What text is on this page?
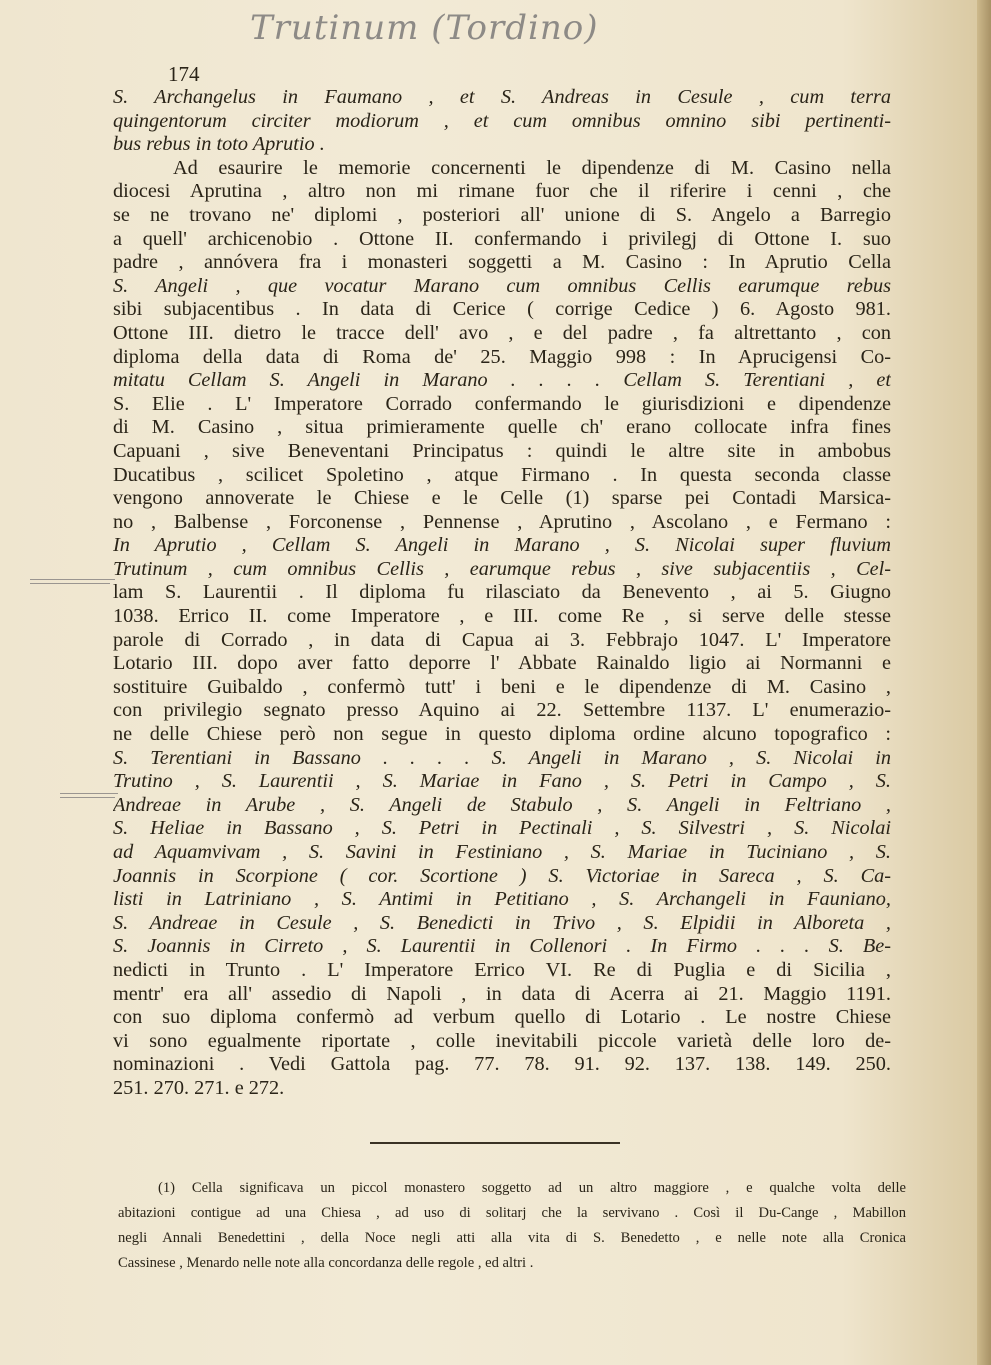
Trutinum (Tordino)
174
S. Archangelus in Faumano , et S. Andreas in Cesule , cum terra
quingentorum circiter modiorum , et cum omnibus omnino sibi pertinenti-
bus rebus in toto Aprutio .
Ad esaurire le memorie concernenti le dipendenze di M. Casino nella
diocesi Aprutina , altro non mi rimane fuor che il riferire i cenni , che
se ne trovano ne' diplomi , posteriori all' unione di S. Angelo a Barregio
a quell' archicenobio . Ottone II. confermando i privilegj di Ottone I. suo
padre , annóvera fra i monasteri soggetti a M. Casino : In Aprutio Cella
S. Angeli , que vocatur Marano cum omnibus Cellis earumque rebus
sibi subjacentibus . In data di Cerice ( corrige Cedice ) 6. Agosto 981.
Ottone III. dietro le tracce dell' avo , e del padre , fa altrettanto , con
diploma della data di Roma de' 25. Maggio 998 : In Aprucigensi Co-
mitatu Cellam S. Angeli in Marano . . . . Cellam S. Terentiani , et
S. Elie . L' Imperatore Corrado confermando le giurisdizioni e dipendenze
di M. Casino , situa primieramente quelle ch' erano collocate infra fines
Capuani , sive Beneventani Principatus : quindi le altre site in ambobus
Ducatibus , scilicet Spoletino , atque Firmano . In questa seconda classe
vengono annoverate le Chiese e le Celle (1) sparse pei Contadi Marsica-
no , Balbense , Forconense , Pennense , Aprutino , Ascolano , e Fermano :
In Aprutio , Cellam S. Angeli in Marano , S. Nicolai super fluvium
Trutinum , cum omnibus Cellis , earumque rebus , sive subjacentiis , Cel-
lam S. Laurentii . Il diploma fu rilasciato da Benevento , ai 5. Giugno
1038. Errico II. come Imperatore , e III. come Re , si serve delle stesse
parole di Corrado , in data di Capua ai 3. Febbrajo 1047. L' Imperatore
Lotario III. dopo aver fatto deporre l' Abbate Rainaldo ligio ai Normanni e
sostituire Guibaldo , confermò tutt' i beni e le dipendenze di M. Casino ,
con privilegio segnato presso Aquino ai 22. Settembre 1137. L' enumerazio-
ne delle Chiese però non segue in questo diploma ordine alcuno topografico :
S. Terentiani in Bassano . . . . S. Angeli in Marano , S. Nicolai in
Trutino , S. Laurentii , S. Mariae in Fano , S. Petri in Campo , S.
Andreae in Arube , S. Angeli de Stabulo , S. Angeli in Feltriano ,
S. Heliae in Bassano , S. Petri in Pectinali , S. Silvestri , S. Nicolai
ad Aquamvivam , S. Savini in Festiniano , S. Mariae in Tuciniano , S.
Joannis in Scorpione ( cor. Scortione ) S. Victoriae in Sareca , S. Ca-
listi in Latriniano , S. Antimi in Petitiano , S. Archangeli in Fauniano,
S. Andreae in Cesule , S. Benedicti in Trivo , S. Elpidii in Alboreta ,
S. Joannis in Cirreto , S. Laurentii in Collenori . In Firmo . . . S. Be-
nedicti in Trunto . L' Imperatore Errico VI. Re di Puglia e di Sicilia ,
mentr' era all' assedio di Napoli , in data di Acerra ai 21. Maggio 1191.
con suo diploma confermò ad verbum quello di Lotario . Le nostre Chiese
vi sono egualmente riportate , colle inevitabili piccole varietà delle loro de-
nominazioni . Vedi Gattola pag. 77. 78. 91. 92. 137. 138. 149. 250.
251. 270. 271. e 272.
(1) Cella significava un piccol monastero soggetto ad un altro maggiore , e qualche volta delle
abitazioni contigue ad una Chiesa , ad uso di solitarj che la servivano . Così il Du-Cange , Mabillon
negli Annali Benedettini , della Noce negli atti alla vita di S. Benedetto , e nelle note alla Cronica
Cassinese , Menardo nelle note alla concordanza delle regole , ed altri .
